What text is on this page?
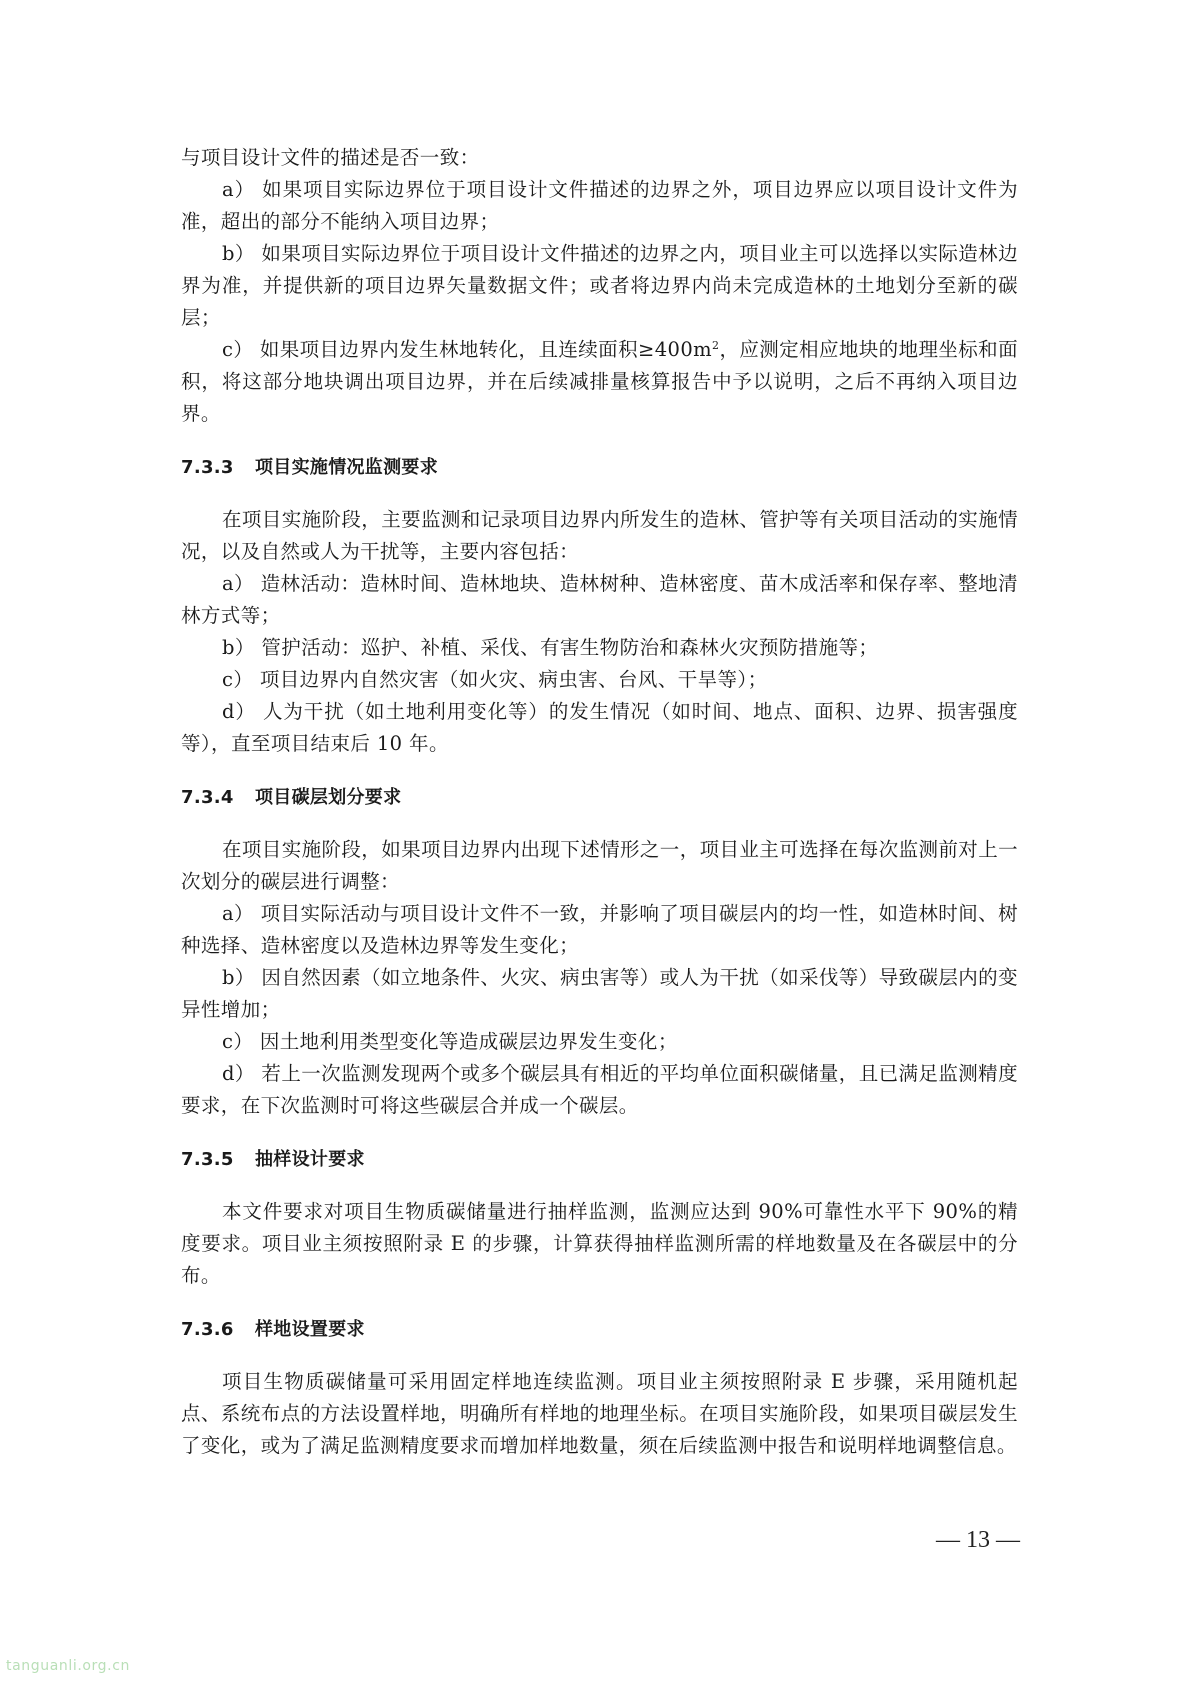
与项目设计文件的描述是否一致：

a） 如果项目实际边界位于项目设计文件描述的边界之外，项目边界应以项目设计文件为准，超出的部分不能纳入项目边界；

b） 如果项目实际边界位于项目设计文件描述的边界之内，项目业主可以选择以实际造林边界为准，并提供新的项目边界矢量数据文件；或者将边界内尚未完成造林的土地划分至新的碳层；

c） 如果项目边界内发生林地转化，且连续面积$\ge 400m^2$，应测定相应地块的地理坐标和面积，将这部分地块调出项目边界，并在后续减排量核算报告中予以说明，之后不再纳入项目边界。

7.3.3 项目实施情况监测要求

在项目实施阶段，主要监测和记录项目边界内所发生的造林、管护等有关项目活动的实施情况，以及自然或人为干扰等，主要内容包括：

a） 造林活动：造林时间、造林地块、造林树种、造林密度、苗木成活率和保存率、整地清林方式等；

b） 管护活动：巡护、补植、采伐、有害生物防治和森林火灾预防措施等；

c） 项目边界内自然灾害（如火灾、病虫害、台风、干旱等）；

d） 人为干扰（如土地利用变化等）的发生情况（如时间、地点、面积、边界、损害强度等），直至项目结束后 10 年。

7.3.4 项目碳层划分要求

在项目实施阶段，如果项目边界内出现下述情形之一，项目业主可选择在每次监测前对上一次划分的碳层进行调整：

a） 项目实际活动与项目设计文件不一致，并影响了项目碳层内的均一性，如造林时间、树种选择、造林密度以及造林边界等发生变化；

b） 因自然因素（如立地条件、火灾、病虫害等）或人为干扰（如采伐等）导致碳层内的变异性增加；

c） 因土地利用类型变化等造成碳层边界发生变化；

d） 若上一次监测发现两个或多个碳层具有相近的平均单位面积碳储量，且已满足监测精度要求，在下次监测时可将这些碳层合并成一个碳层。

7.3.5 抽样设计要求

本文件要求对项目生物质碳储量进行抽样监测，监测应达到 90%可靠性水平下 90%的精度要求。项目业主须按照附录 E 的步骤，计算获得抽样监测所需的样地数量及在各碳层中的分布。

7.3.6 样地设置要求

项目生物质碳储量可采用固定样地连续监测。项目业主须按照附录 E 步骤，采用随机起点、系统布点的方法设置样地，明确所有样地的地理坐标。在项目实施阶段，如果项目碳层发生了变化，或为了满足监测精度要求而增加样地数量，须在后续监测中报告和说明样地调整信息。

— 13 —
tanguanli.org.cn
